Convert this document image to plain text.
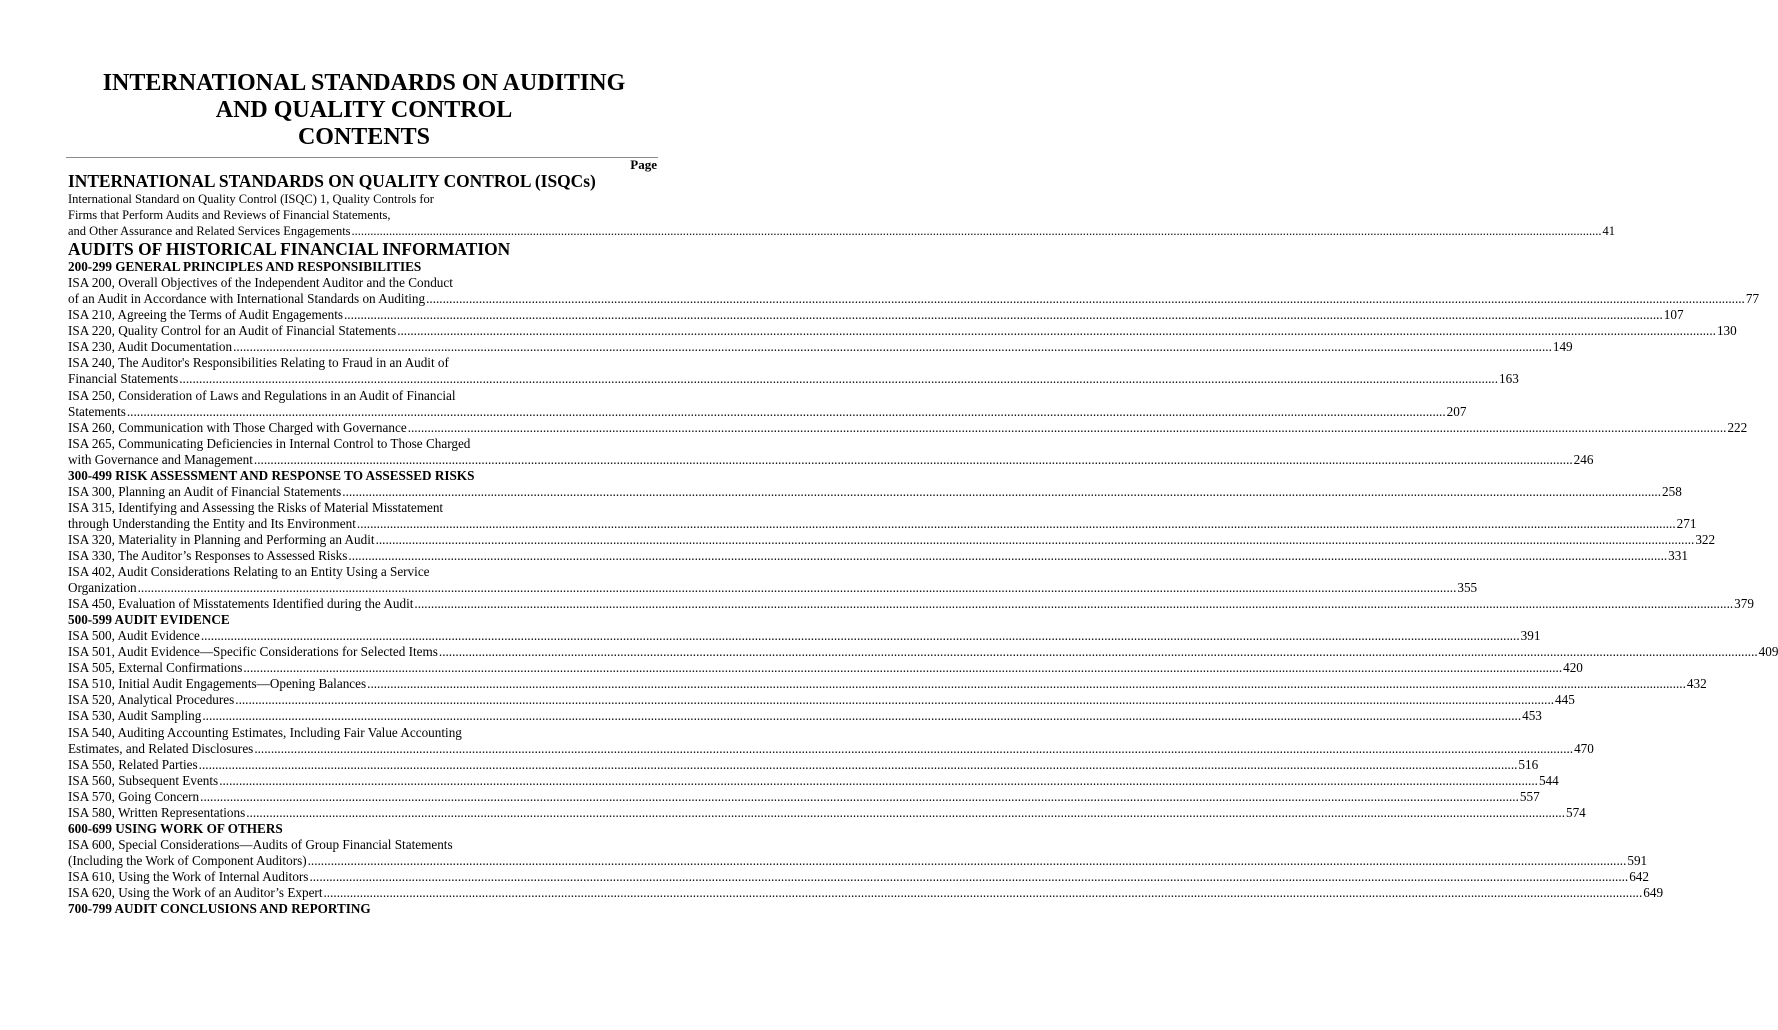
INTERNATIONAL STANDARDS ON AUDITING
AND QUALITY CONTROL
CONTENTS
Page
INTERNATIONAL STANDARDS ON QUALITY CONTROL (ISQCs)
International Standard on Quality Control (ISQC) 1, Quality Controls for
Firms that Perform Audits and Reviews of Financial Statements,
and Other Assurance and Related Services Engagements ................................................................................................................................................................................................................................................................................................................................................................................................................ 41
AUDITS OF HISTORICAL FINANCIAL INFORMATION
200-299 GENERAL PRINCIPLES AND RESPONSIBILITIES
ISA 200, Overall Objectives of the Independent Auditor and the Conduct
of an Audit in Accordance with International Standards on Auditing ................................................................................................................................................................................................................................................................................................................................................................................................................ 77
ISA 210, Agreeing the Terms of Audit Engagements ................................................................................................................................................................................................................................................................................................................................................................................................................ 107
ISA 220, Quality Control for an Audit of Financial Statements ................................................................................................................................................................................................................................................................................................................................................................................................................ 130
ISA 230, Audit Documentation ................................................................................................................................................................................................................................................................................................................................................................................................................ 149
ISA 240, The Auditor's Responsibilities Relating to Fraud in an Audit of
Financial Statements ................................................................................................................................................................................................................................................................................................................................................................................................................ 163
ISA 250, Consideration of Laws and Regulations in an Audit of Financial
Statements ................................................................................................................................................................................................................................................................................................................................................................................................................ 207
ISA 260, Communication with Those Charged with Governance ................................................................................................................................................................................................................................................................................................................................................................................................................ 222
ISA 265, Communicating Deficiencies in Internal Control to Those Charged
with Governance and Management ................................................................................................................................................................................................................................................................................................................................................................................................................ 246
300-499 RISK ASSESSMENT AND RESPONSE TO ASSESSED RISKS
ISA 300, Planning an Audit of Financial Statements ................................................................................................................................................................................................................................................................................................................................................................................................................ 258
ISA 315, Identifying and Assessing the Risks of Material Misstatement
through Understanding the Entity and Its Environment ................................................................................................................................................................................................................................................................................................................................................................................................................ 271
ISA 320, Materiality in Planning and Performing an Audit ................................................................................................................................................................................................................................................................................................................................................................................................................ 322
ISA 330, The Auditor’s Responses to Assessed Risks ................................................................................................................................................................................................................................................................................................................................................................................................................ 331
ISA 402, Audit Considerations Relating to an Entity Using a Service
Organization ................................................................................................................................................................................................................................................................................................................................................................................................................ 355
ISA 450, Evaluation of Misstatements Identified during the Audit ................................................................................................................................................................................................................................................................................................................................................................................................................ 379
500-599 AUDIT EVIDENCE
ISA 500, Audit Evidence ................................................................................................................................................................................................................................................................................................................................................................................................................ 391
ISA 501, Audit Evidence—Specific Considerations for Selected Items ................................................................................................................................................................................................................................................................................................................................................................................................................ 409
ISA 505, External Confirmations ................................................................................................................................................................................................................................................................................................................................................................................................................ 420
ISA 510, Initial Audit Engagements—Opening Balances ................................................................................................................................................................................................................................................................................................................................................................................................................ 432
ISA 520, Analytical Procedures ................................................................................................................................................................................................................................................................................................................................................................................................................ 445
ISA 530, Audit Sampling ................................................................................................................................................................................................................................................................................................................................................................................................................ 453
ISA 540, Auditing Accounting Estimates, Including Fair Value Accounting
Estimates, and Related Disclosures ................................................................................................................................................................................................................................................................................................................................................................................................................ 470
ISA 550, Related Parties ................................................................................................................................................................................................................................................................................................................................................................................................................ 516
ISA 560, Subsequent Events ................................................................................................................................................................................................................................................................................................................................................................................................................ 544
ISA 570, Going Concern ................................................................................................................................................................................................................................................................................................................................................................................................................ 557
ISA 580, Written Representations ................................................................................................................................................................................................................................................................................................................................................................................................................ 574
600-699 USING WORK OF OTHERS
ISA 600, Special Considerations—Audits of Group Financial Statements
(Including the Work of Component Auditors) ................................................................................................................................................................................................................................................................................................................................................................................................................ 591
ISA 610, Using the Work of Internal Auditors ................................................................................................................................................................................................................................................................................................................................................................................................................ 642
ISA 620, Using the Work of an Auditor’s Expert ................................................................................................................................................................................................................................................................................................................................................................................................................ 649
700-799 AUDIT CONCLUSIONS AND REPORTING
